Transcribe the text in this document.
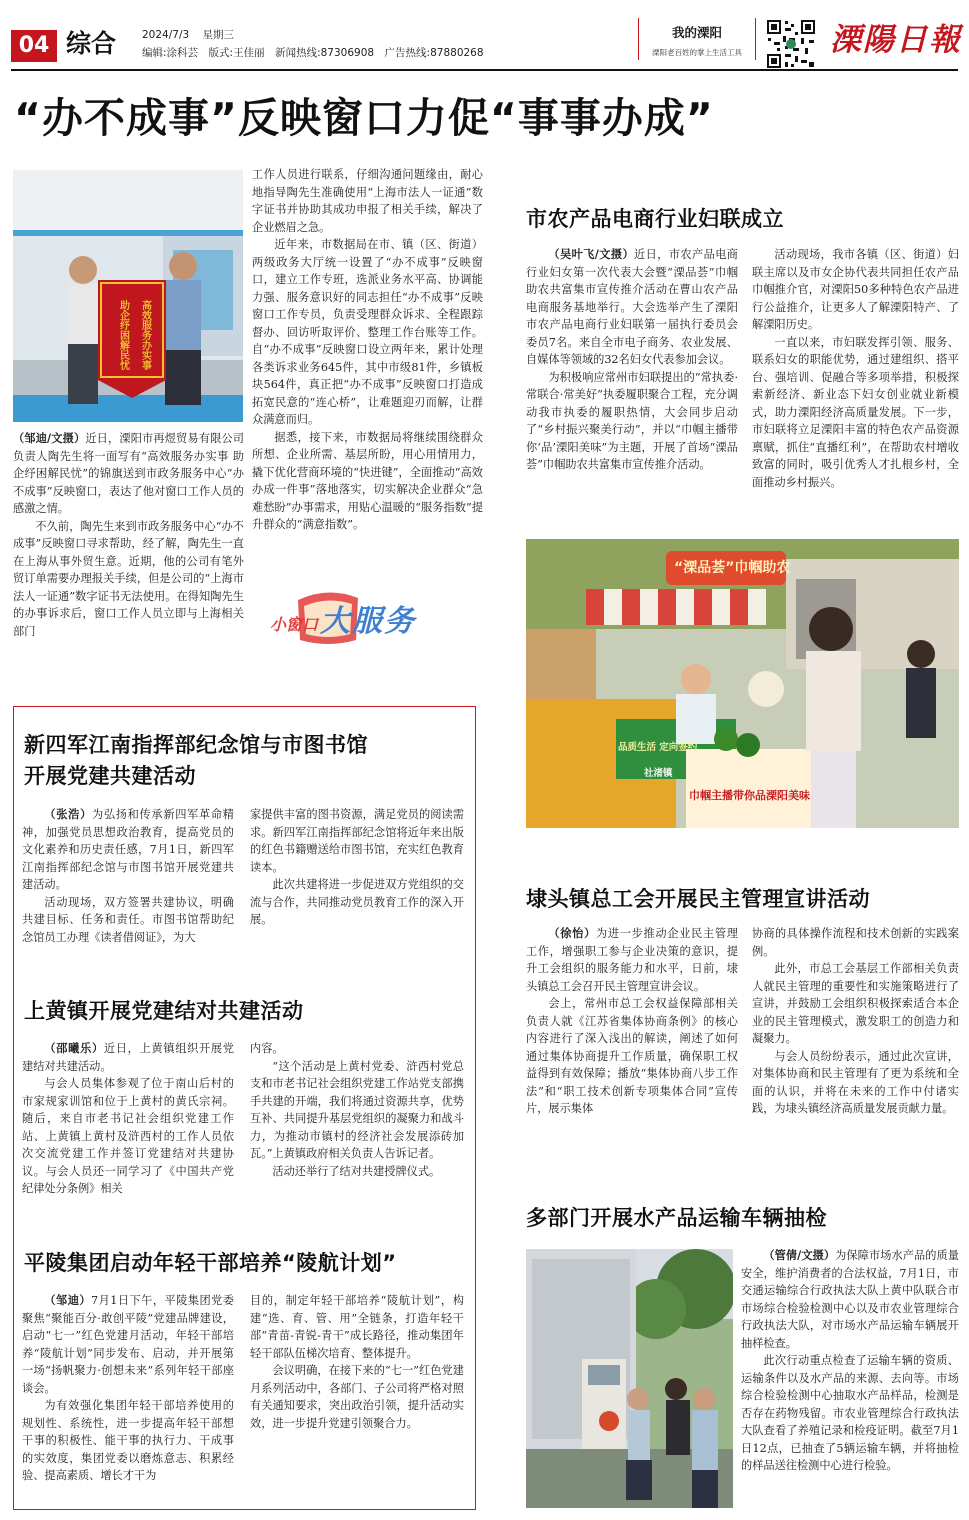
04 综合 2024/7/3 星期三
编辑:涂科芸　版式:王佳丽　新闻热线:87306908　广告热线:87880268
我的溧阳
溧阳老百姓的掌上生活工具	溧陽日報
“办不成事”反映窗口力促“事事办成”
高效服务办实事
助企纾困解民忧

（邹迪/文摄）近日，溧阳市再煜贸易有限公司负责人陶先生将一面写有“高效服务办实事 助企纾困解民忧”的锦旗送到市政务服务中心“办不成事”反映窗口，表达了他对窗口工作人员的感激之情。

不久前，陶先生来到市政务服务中心“办不成事”反映窗口寻求帮助，经了解，陶先生一直在上海从事外贸生意。近期，他的公司有笔外贸订单需要办理报关手续，但是公司的“上海市法人一证通”数字证书无法使用。在得知陶先生的办事诉求后，窗口工作人员立即与上海相关部门

工作人员进行联系，仔细沟通问题缘由，耐心地指导陶先生准确使用“上海市法人一证通”数字证书并协助其成功申报了相关手续，解决了企业燃眉之急。

近年来，市数据局在市、镇（区、街道）两级政务大厅统一设置了“办不成事”反映窗口，建立工作专班，选派业务水平高、协调能力强、服务意识好的同志担任“办不成事”反映窗口工作专员，负责受理群众诉求、全程跟踪督办、回访听取评价、整理工作台账等工作。自“办不成事”反映窗口设立两年来，累计处理各类诉求业务645件，其中市级81件，乡镇板块564件，真正把“办不成事”反映窗口打造成拓宽民意的“连心桥”，让难题迎刃而解，让群众满意而归。

据悉，接下来，市数据局将继续围绕群众所想、企业所需、基层所盼，用心用情用力，撬下优化营商环境的“快进键”，全面推动“高效办成一件事”落地落实，切实解决企业群众“急难愁盼”办事需求，用贴心温暖的“服务指数”提升群众的“满意指数”。

小窗口 大服务
市农产品电商行业妇联成立

（吴叶飞/文摄）近日，市农产品电商行业妇女第一次代表大会暨“溧品荟”巾帼助农共富集市宣传推介活动在曹山农产品电商服务基地举行。大会选举产生了溧阳市农产品电商行业妇联第一届执行委员会委员7名。来自全市电子商务、农业发展、自媒体等领域的32名妇女代表参加会议。

为积极响应常州市妇联提出的“常执委·常联合·常美好”执委履职聚合工程，充分调动我市执委的履职热情，大会同步启动了“乡村振兴聚美行动”，并以“巾帼主播带你‘品’溧阳美味”为主题，开展了首场“溧品荟”巾帼助农共富集市宣传推介活动。

活动现场，我市各镇（区、街道）妇联主席以及市女企协代表共同担任农产品巾帼推介官，对溧阳50多种特色农产品进行公益推介，让更多人了解溧阳特产、了解溧阳历史。

一直以来，市妇联发挥引领、服务、联系妇女的职能优势，通过建组织、搭平台、强培训、促融合等多项举措，积极探索新经济、新业态下妇女创业就业新模式，助力溧阳经济高质量发展。下一步，市妇联将立足溧阳丰富的特色农产品资源禀赋，抓住“直播红利”，在帮助农村增收致富的同时，吸引优秀人才扎根乡村，全面推动乡村振兴。

“溧品荟”巾帼助农
品质生活 定向签约
巾帼主播带你品溧阳美味
社渚镇
新四军江南指挥部纪念馆与市图书馆
开展党建共建活动

（张浩）为弘扬和传承新四军革命精神，加强党员思想政治教育，提高党员的文化素养和历史责任感，7月1日，新四军江南指挥部纪念馆与市图书馆开展党建共建活动。

活动现场，双方签署共建协议，明确共建目标、任务和责任。市图书馆帮助纪念馆员工办理《读者借阅证》，为大

家提供丰富的图书资源，满足党员的阅读需求。新四军江南指挥部纪念馆将近年来出版的红色书籍赠送给市图书馆，充实红色教育读本。

此次共建将进一步促进双方党组织的交流与合作，共同推动党员教育工作的深入开展。

上黄镇开展党建结对共建活动

（邵曦乐）近日，上黄镇组织开展党建结对共建活动。

与会人员集体参观了位于南山后村的市家规家训馆和位于上黄村的黄氏宗祠。随后，来自市老书记社会组织党建工作站、上黄镇上黄村及浒西村的工作人员依次交流党建工作并签订党建结对共建协议。与会人员还一同学习了《中国共产党纪律处分条例》相关

内容。

“这个活动是上黄村党委、浒西村党总支和市老书记社会组织党建工作站党支部携手共建的开端，我们将通过资源共享，优势互补、共同提升基层党组织的凝聚力和战斗力，为推动市镇村的经济社会发展添砖加瓦。”上黄镇政府相关负责人告诉记者。

活动还举行了结对共建授牌仪式。

平陵集团启动年轻干部培养“陵航计划”

（邹迪）7月1日下午，平陵集团党委聚焦“聚能百分·敢创平陵”党建品牌建设，启动“七一”红色党建月活动，年轻干部培养“陵航计划”同步发布、启动，并开展第一场“扬帆聚力·创想未来”系列年轻干部座谈会。

为有效强化集团年轻干部培养使用的规划性、系统性，进一步提高年轻干部想干事的积极性、能干事的执行力、干成事的实效度，集团党委以磨炼意志、积累经验、提高素质、增长才干为

目的，制定年轻干部培养“陵航计划”，构建“选、育、管、用”全链条，打造年轻干部“青苗-青锐-青干”成长路径，推动集团年轻干部队伍梯次培育、整体提升。

会议明确，在接下来的“七一”红色党建月系列活动中，各部门、子公司将严格对照有关通知要求，突出政治引领，提升活动实效，进一步提升党建引领聚合力。

埭头镇总工会开展民主管理宣讲活动

（徐怡）为进一步推动企业民主管理工作，增强职工参与企业决策的意识，提升工会组织的服务能力和水平，日前，埭头镇总工会召开民主管理宣讲会议。

会上，常州市总工会权益保障部相关负责人就《江苏省集体协商条例》的核心内容进行了深入浅出的解读，阐述了如何通过集体协商提升工作质量，确保职工权益得到有效保障；播放“集体协商八步工作法”和“职工技术创新专项集体合同”宣传片，展示集体

协商的具体操作流程和技术创新的实践案例。

此外，市总工会基层工作部相关负责人就民主管理的重要性和实施策略进行了宣讲，并鼓励工会组织积极探索适合本企业的民主管理模式，激发职工的创造力和凝聚力。

与会人员纷纷表示，通过此次宣讲，对集体协商和民主管理有了更为系统和全面的认识，并将在未来的工作中付诸实践，为埭头镇经济高质量发展贡献力量。

多部门开展水产品运输车辆抽检

（管倩/文摄）为保障市场水产品的质量安全，维护消费者的合法权益，7月1日，市交通运输综合行政执法大队上黄中队联合市市场综合检验检测中心以及市农业管理综合行政执法大队，对市场水产品运输车辆展开抽样检查。

此次行动重点检查了运输车辆的资质、运输条件以及水产品的来源、去向等。市场综合检验检测中心抽取水产品样品，检测是否存在药物残留。市农业管理综合行政执法大队查看了养殖记录和检疫证明。截至7月1日12点，已抽查了5辆运输车辆，并将抽检的样品送往检测中心进行检验。
